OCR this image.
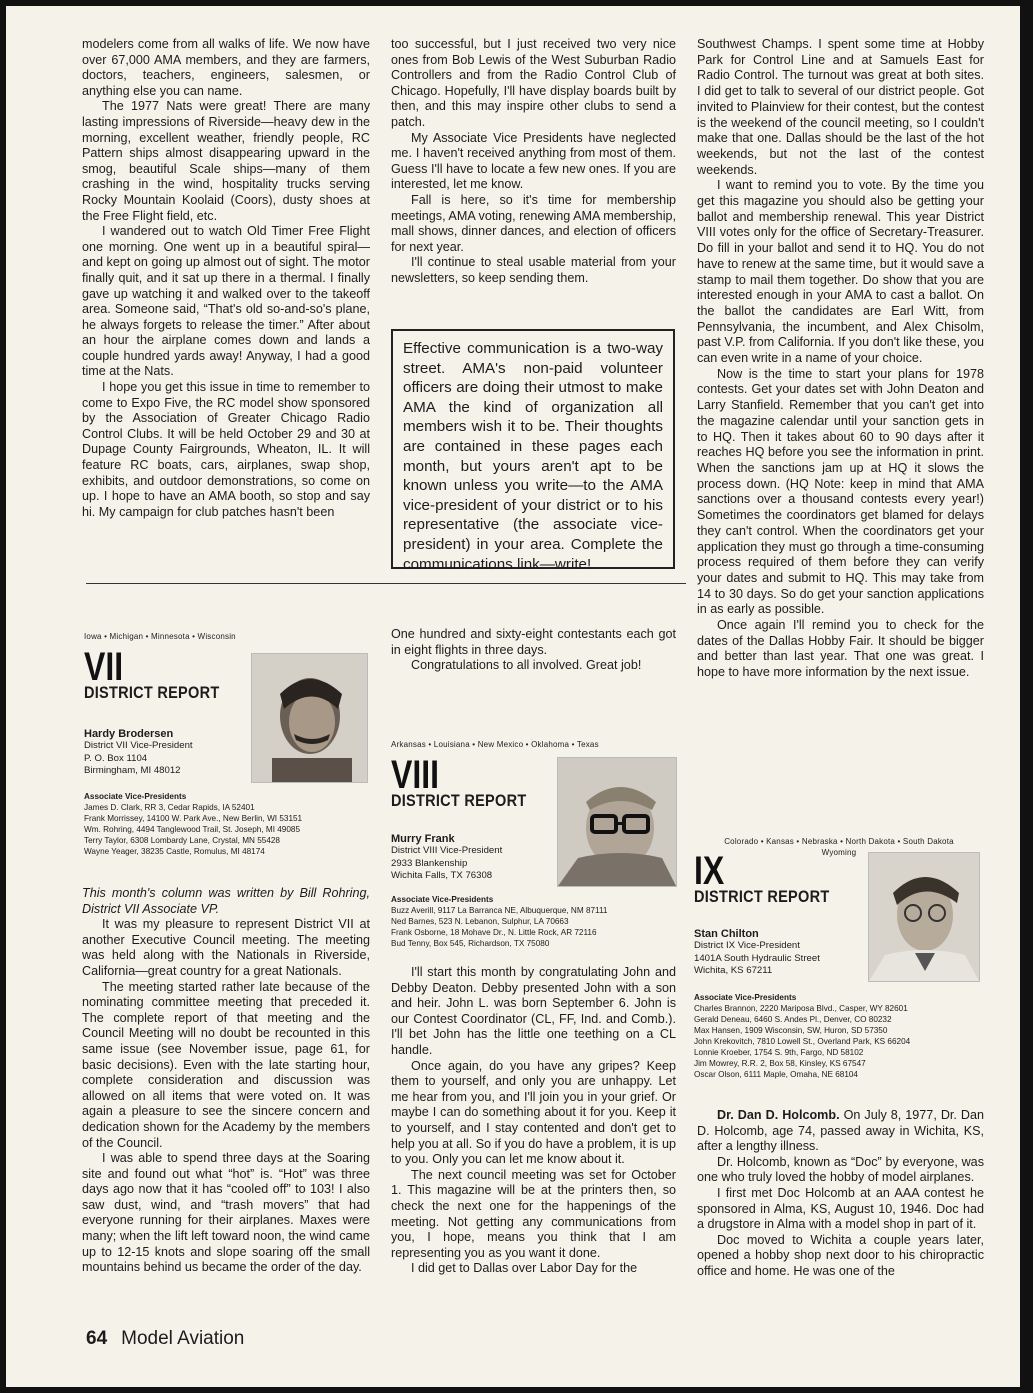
modelers come from all walks of life. We now have over 67,000 AMA members, and they are farmers, doctors, teachers, engineers, salesmen, or anything else you can name.

The 1977 Nats were great! There are many lasting impressions of Riverside—heavy dew in the morning, excellent weather, friendly people, RC Pattern ships almost disappearing upward in the smog, beautiful Scale ships—many of them crashing in the wind, hospitality trucks serving Rocky Mountain Koolaid (Coors), dusty shoes at the Free Flight field, etc.

I wandered out to watch Old Timer Free Flight one morning. One went up in a beautiful spiral—and kept on going up almost out of sight. The motor finally quit, and it sat up there in a thermal. I finally gave up watching it and walked over to the takeoff area. Someone said, “That's old so-and-so's plane, he always forgets to release the timer.” After about an hour the airplane comes down and lands a couple hundred yards away! Anyway, I had a good time at the Nats.

I hope you get this issue in time to remember to come to Expo Five, the RC model show sponsored by the Association of Greater Chicago Radio Control Clubs. It will be held October 29 and 30 at Dupage County Fairgrounds, Wheaton, IL. It will feature RC boats, cars, airplanes, swap shop, exhibits, and outdoor demonstrations, so come on up. I hope to have an AMA booth, so stop and say hi. My campaign for club patches hasn't been

too successful, but I just received two very nice ones from Bob Lewis of the West Suburban Radio Controllers and from the Radio Control Club of Chicago. Hopefully, I'll have display boards built by then, and this may inspire other clubs to send a patch.

My Associate Vice Presidents have neglected me. I haven't received anything from most of them. Guess I'll have to locate a few new ones. If you are interested, let me know.

Fall is here, so it's time for membership meetings, AMA voting, renewing AMA membership, mall shows, dinner dances, and election of officers for next year.

I'll continue to steal usable material from your newsletters, so keep sending them.

Effective communication is a two-way street. AMA's non-paid volunteer officers are doing their utmost to make AMA the kind of organization all members wish it to be. Their thoughts are contained in these pages each month, but yours aren't apt to be known unless you write—to the AMA vice-president of your district or to his representative (the associate vice-president) in your area. Complete the communications link—write!

Southwest Champs. I spent some time at Hobby Park for Control Line and at Samuels East for Radio Control. The turnout was great at both sites. I did get to talk to several of our district people. Got invited to Plainview for their contest, but the contest is the weekend of the council meeting, so I couldn't make that one. Dallas should be the last of the hot weekends, but not the last of the contest weekends.

I want to remind you to vote. By the time you get this magazine you should also be getting your ballot and membership renewal. This year District VIII votes only for the office of Secretary-Treasurer. Do fill in your ballot and send it to HQ. You do not have to renew at the same time, but it would save a stamp to mail them together. Do show that you are interested enough in your AMA to cast a ballot. On the ballot the candidates are Earl Witt, from Pennsylvania, the incumbent, and Alex Chisolm, past V.P. from California. If you don't like these, you can even write in a name of your choice.

Now is the time to start your plans for 1978 contests. Get your dates set with John Deaton and Larry Stanfield. Remember that you can't get into the magazine calendar until your sanction gets in to HQ. Then it takes about 60 to 90 days after it reaches HQ before you see the information in print. When the sanctions jam up at HQ it slows the process down. (HQ Note: keep in mind that AMA sanctions over a thousand contests every year!) Sometimes the coordinators get blamed for delays they can't control. When the coordinators get your application they must go through a time-consuming process required of them before they can verify your dates and submit to HQ. This may take from 14 to 30 days. So do get your sanction applications in as early as possible.

Once again I'll remind you to check for the dates of the Dallas Hobby Fair. It should be bigger and better than last year. That one was great. I hope to have more information by the next issue.

Iowa • Michigan • Minnesota • Wisconsin
VII
DISTRICT REPORT
Hardy Brodersen
District VII Vice-President
P. O. Box 1104
Birmingham, MI 48012
Associate Vice-Presidents
James D. Clark, RR 3, Cedar Rapids, IA 52401
Frank Morrissey, 14100 W. Park Ave., New Berlin, WI 53151
Wm. Rohring, 4494 Tanglewood Trail, St. Joseph, MI 49085
Terry Taylor, 6308 Lombardy Lane, Crystal, MN 55428
Wayne Yeager, 38235 Castle, Romulus, MI 48174

This month's column was written by Bill Rohring, District VII Associate VP.

It was my pleasure to represent District VII at another Executive Council meeting. The meeting was held along with the Nationals in Riverside, California—great country for a great Nationals.

The meeting started rather late because of the nominating committee meeting that preceded it. The complete report of that meeting and the Council Meeting will no doubt be recounted in this same issue (see November issue, page 61, for basic decisions). Even with the late starting hour, complete consideration and discussion was allowed on all items that were voted on. It was again a pleasure to see the sincere concern and dedication shown for the Academy by the members of the Council.

I was able to spend three days at the Soaring site and found out what “hot” is. “Hot” was three days ago now that it has “cooled off” to 103! I also saw dust, wind, and “trash movers” that had everyone running for their airplanes. Maxes were many; when the lift left toward noon, the wind came up to 12-15 knots and slope soaring off the small mountains behind us became the order of the day.

One hundred and sixty-eight contestants each got in eight flights in three days.

Congratulations to all involved. Great job!

Arkansas • Louisiana • New Mexico • Oklahoma • Texas
VIII
DISTRICT REPORT
Murry Frank
District VIII Vice-President
2933 Blankenship
Wichita Falls, TX 76308
Associate Vice-Presidents
Buzz Averill, 9117 La Barranca NE, Albuquerque, NM 87111
Ned Barnes, 523 N. Lebanon, Sulphur, LA 70663
Frank Osborne, 18 Mohave Dr., N. Little Rock, AR 72116
Bud Tenny, Box 545, Richardson, TX 75080

I'll start this month by congratulating John and Debby Deaton. Debby presented John with a son and heir. John L. was born September 6. John is our Contest Coordinator (CL, FF, Ind. and Comb.). I'll bet John has the little one teething on a CL handle.

Once again, do you have any gripes? Keep them to yourself, and only you are unhappy. Let me hear from you, and I'll join you in your grief. Or maybe I can do something about it for you. Keep it to yourself, and I stay contented and don't get to help you at all. So if you do have a problem, it is up to you. Only you can let me know about it.

The next council meeting was set for October 1. This magazine will be at the printers then, so check the next one for the happenings of the meeting. Not getting any communications from you, I hope, means you think that I am representing you as you want it done.

I did get to Dallas over Labor Day for the

Colorado • Kansas • Nebraska • North Dakota • South Dakota
Wyoming
IX
DISTRICT REPORT
Stan Chilton
District IX Vice-President
1401A South Hydraulic Street
Wichita, KS 67211
Associate Vice-Presidents
Charles Brannon, 2220 Mariposa Blvd., Casper, WY 82601
Gerald Deneau, 6460 S. Andes Pl., Denver, CO 80232
Max Hansen, 1909 Wisconsin, SW, Huron, SD 57350
John Krekovitch, 7810 Lowell St., Overland Park, KS 66204
Lonnie Kroeber, 1754 S. 9th, Fargo, ND 58102
Jim Mowrey, R.R. 2, Box 58, Kinsley, KS 67547
Oscar Olson, 6111 Maple, Omaha, NE 68104

Dr. Dan D. Holcomb. On July 8, 1977, Dr. Dan D. Holcomb, age 74, passed away in Wichita, KS, after a lengthy illness.

Dr. Holcomb, known as “Doc” by everyone, was one who truly loved the hobby of model airplanes.

I first met Doc Holcomb at an AAA contest he sponsored in Alma, KS, August 10, 1946. Doc had a drugstore in Alma with a model shop in part of it.

Doc moved to Wichita a couple years later, opened a hobby shop next door to his chiropractic office and home. He was one of the

64 Model Aviation
